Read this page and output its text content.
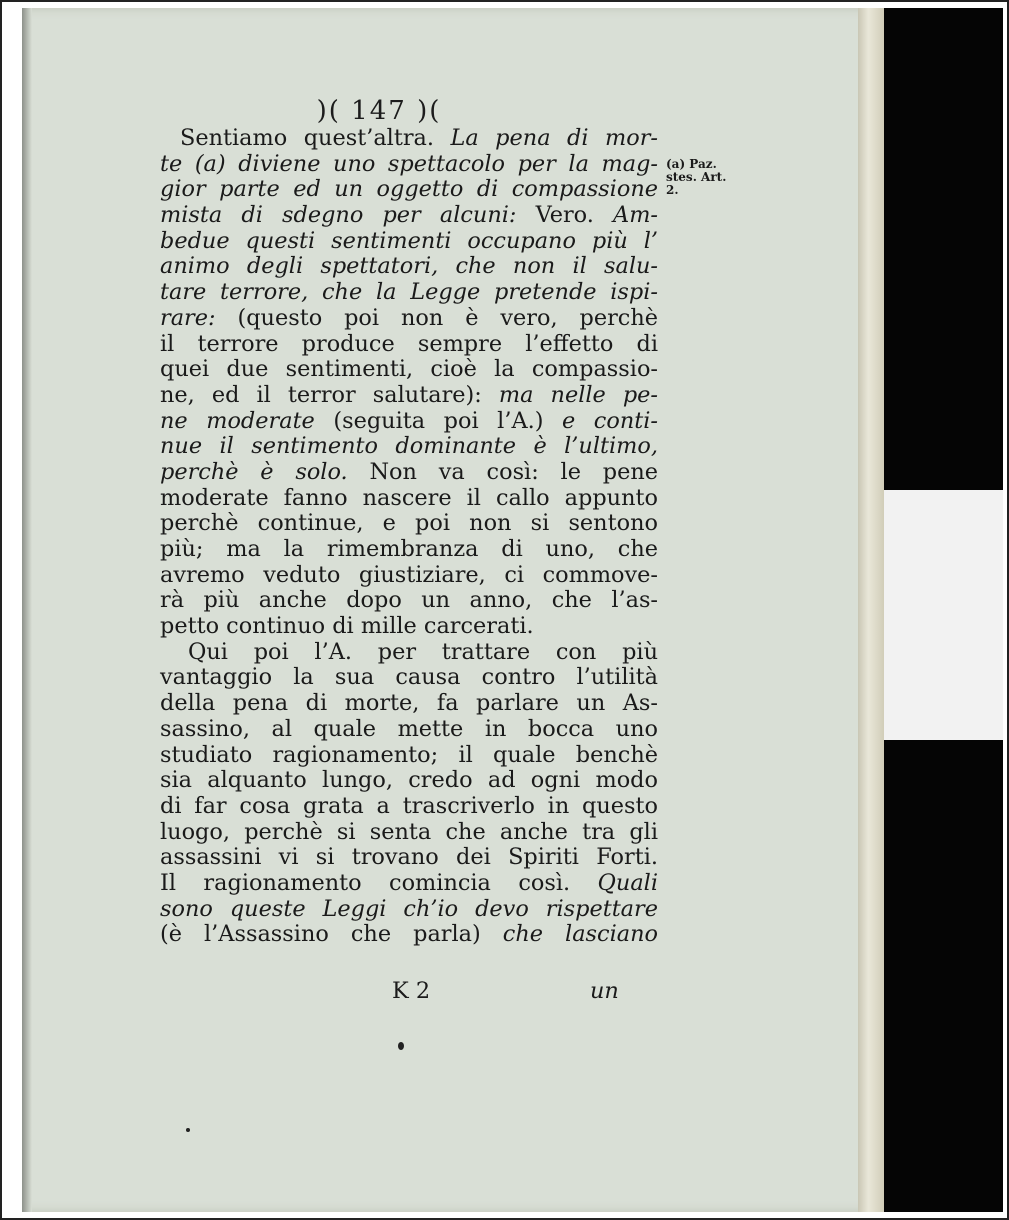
)( 147 )(
Sentiamo quest’altra. La pena di mor-
te (a) diviene uno spettacolo per la mag-
gior parte ed un oggetto di compassione
mista di sdegno per alcuni: Vero. Am-
bedue questi sentimenti occupano più l’
animo degli spettatori, che non il salu-
tare terrore, che la Legge pretende ispi-
rare: (questo poi non è vero, perchè
il terrore produce sempre l’effetto di
quei due sentimenti, cioè la compassio-
ne, ed il terror salutare): ma nelle pe-
ne moderate (seguita poi l’A.) e conti-
nue il sentimento dominante è l’ultimo,
perchè è solo. Non va così: le pene
moderate fanno nascere il callo appunto
perchè continue, e poi non si sentono
più; ma la rimembranza di uno, che
avremo veduto giustiziare, ci commove-
rà più anche dopo un anno, che l’as-
petto continuo di mille carcerati.
Qui poi l’A. per trattare con più
vantaggio la sua causa contro l’utilità
della pena di morte, fa parlare un As-
sassino, al quale mette in bocca uno
studiato ragionamento; il quale benchè
sia alquanto lungo, credo ad ogni modo
di far cosa grata a trascriverlo in questo
luogo, perchè si senta che anche tra gli
assassini vi si trovano dei Spiriti Forti.
Il ragionamento comincia così. Quali
sono queste Leggi ch’io devo rispettare
(è l’Assassino che parla) che lasciano
(a) Paz.
stes. Art.
2.
K 2	un
